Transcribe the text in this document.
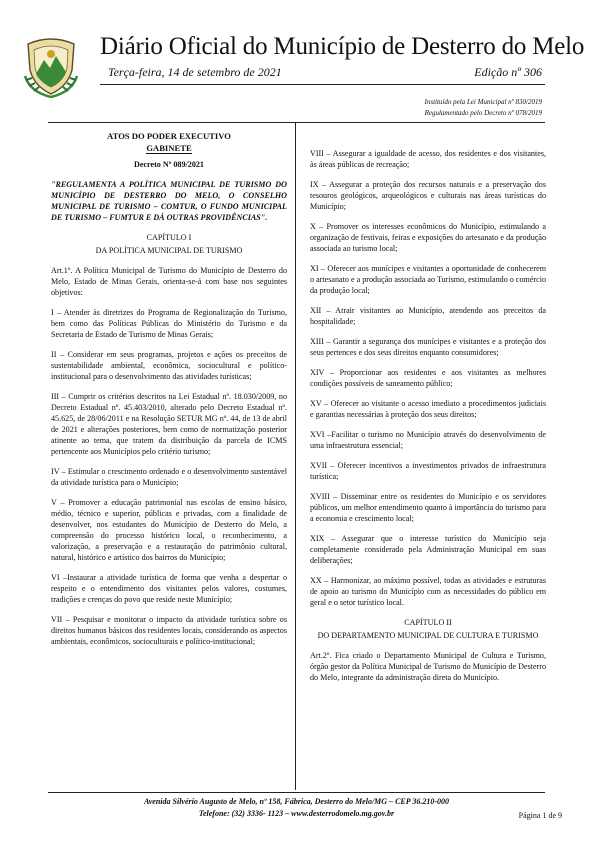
Diário Oficial do Município de Desterro do Melo
Terça-feira, 14 de setembro de 2021	Edição nº 306
Instituído pela Lei Municipal nº 830/2019
Regulamentado pelo Decreto nº 078/2019

ATOS DO PODER EXECUTIVO

GABINETE

Decreto Nº 089/2021

"REGULAMENTA A POLÍTICA MUNICIPAL DE TURISMO DO MUNICÍPIO DE DESTERRO DO MELO, O CONSELHO MUNICIPAL DE TURISMO – COMTUR, O FUNDO MUNICIPAL DE TURISMO – FUMTUR E DÁ OUTRAS PROVIDÊNCIAS".

CAPÍTULO I

DA POLÍTICA MUNICIPAL DE TURISMO

Art.1º. A Política Municipal de Turismo do Município de Desterro do Melo, Estado de Minas Gerais, orienta-se-á com base nos seguintes objetivos:

I – Atender às diretrizes do Programa de Regionalização do Turismo, bem como das Políticas Públicas do Ministério do Turismo e da Secretaria de Estado de Turismo de Minas Gerais;

II – Considerar em seus programas, projetos e ações os preceitos de sustentabilidade ambiental, econômica, sociocultural e político-institucional para o desenvolvimento das atividades turísticas;

III – Cumprir os critérios descritos na Lei Estadual nº. 18.030/2009, no Decreto Estadual nº. 45.403/2010, alterado pelo Decreto Estadual nº. 45.625, de 28/06/2011 e na Resolução SETUR MG nº. 44, de 13 de abril de 2021 e alterações posteriores, bem como de normatização posterior atinente ao tema, que tratem da distribuição da parcela de ICMS pertencente aos Municípios pelo critério turismo;

IV – Estimular o crescimento ordenado e o desenvolvimento sustentável da atividade turística para o Município;

V – Promover a educação patrimonial nas escolas de ensino básico, médio, técnico e superior, públicas e privadas, com a finalidade de desenvolver, nos estudantes do Município de Desterro do Melo, a compreensão do processo histórico local, o reconhecimento, a valorização, a preservação e a restauração do patrimônio cultural, natural, histórico e artístico dos bairros do Município;

VI –Instaurar a atividade turística de forma que venha a despertar o respeito e o entendimento dos visitantes pelos valores, costumes, tradições e crenças do povo que reside neste Município;

VII – Pesquisar e monitorar o impacto da atividade turística sobre os direitos humanos básicos dos residentes locais, considerando os aspectos ambientais, econômicos, socioculturais e político-institucional;

VIII – Assegurar a igualdade de acesso, dos residentes e dos visitantes, às áreas públicas de recreação;

IX – Assegurar a proteção dos recursos naturais e a preservação dos tesouros geológicos, arqueológicos e culturais nas áreas turísticas do Município;

X – Promover os interesses econômicos do Município, estimulando a organização de festivais, feiras e exposições do artesanato e da produção associada ao turismo local;

XI – Oferecer aos munícipes e visitantes a oportunidade de conhecerem o artesanato e a produção associada ao Turismo, estimulando o comércio da produção local;

XII – Atrair visitantes ao Município, atendendo aos preceitos da hospitalidade;

XIII – Garantir a segurança dos munícipes e visitantes e a proteção dos seus pertences e dos seus direitos enquanto consumidores;

XIV – Proporcionar aos residentes e aos visitantes as melhores condições possíveis de saneamento público;

XV – Oferecer ao visitante o acesso imediato a procedimentos judiciais e garantias necessárias à proteção dos seus direitos;

XVI –Facilitar o turismo no Município através do desenvolvimento de uma infraestrutura essencial;

XVII – Oferecer incentivos a investimentos privados de infraestrutura turística;

XVIII – Disseminar entre os residentes do Município e os servidores públicos, um melhor entendimento quanto à importância do turismo para a economia e crescimento local;

XIX – Assegurar que o interesse turístico do Município seja completamente considerado pela Administração Municipal em suas deliberações;

XX – Harmonizar, ao máximo possível, todas as atividades e estruturas de apoio ao turismo do Município com as necessidades do público em geral e o setor turístico local.

CAPÍTULO II

DO DEPARTAMENTO MUNICIPAL DE CULTURA E TURISMO

Art.2º. Fica criado o Departamento Municipal de Cultura e Turismo, órgão gestor da Política Municipal de Turismo do Município de Desterro do Melo, integrante da administração direta do Município.

Avenida Silvério Augusto de Melo, nº 158, Fábrica, Desterro do Melo/MG – CEP 36.210-000
Telefone: (32) 3336- 1123 – www.desterrodomelo.mg.gov.br	Página 1 de 9
